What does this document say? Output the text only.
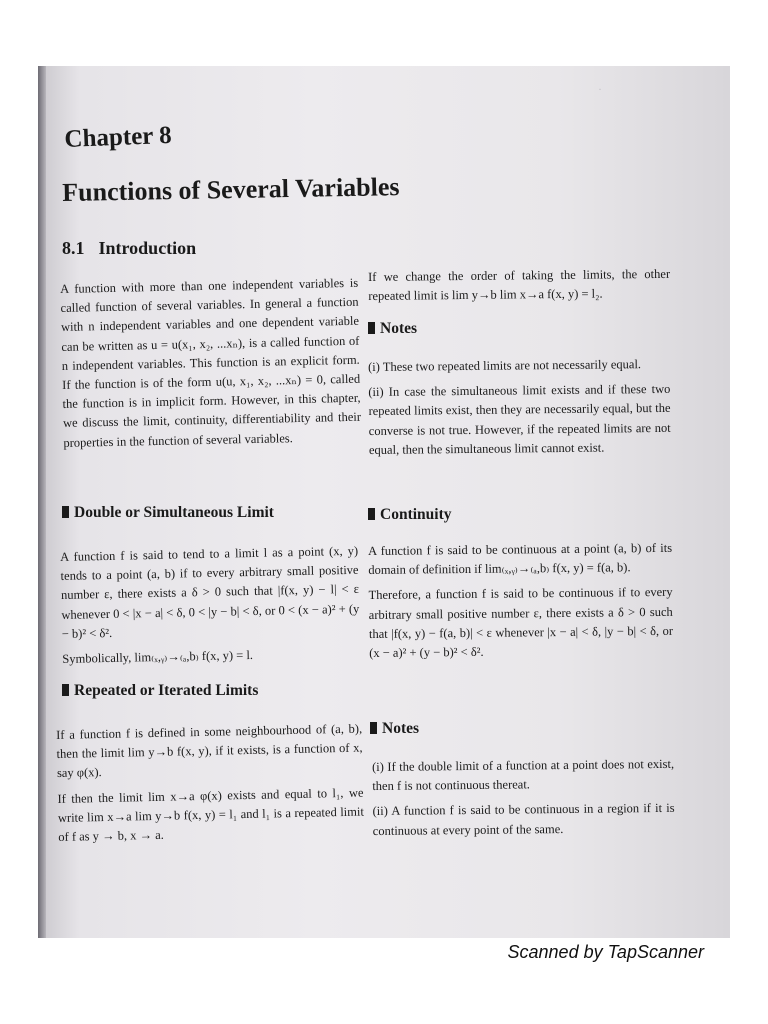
·
Chapter 8
Functions of Several Variables
8.1 Introduction

A function with more than one independent variables is called function of several variables. In general a function with n independent variables and one dependent variable can be written as u = u(x₁, x₂, ...xₙ), is a called function of n independent variables. This function is an explicit form. If the function is of the form u(u, x₁, x₂, ...xₙ) = 0, called the function is in implicit form. However, in this chapter, we discuss the limit, continuity, differentiability and their properties in the function of several variables.

Double or Simultaneous Limit

A function f is said to tend to a limit l as a point (x, y) tends to a point (a, b) if to every arbitrary small positive number ε, there exists a δ > 0 such that |f(x, y) − l| < ε whenever 0 < |x − a| < δ, 0 < |y − b| < δ, or 0 < (x − a)² + (y − b)² < δ².

Symbolically, lim₍ₓ,ᵧ₎→₍ₐ,b₎ f(x, y) = l.

Repeated or Iterated Limits

If a function f is defined in some neighbourhood of (a, b), then the limit lim y→b f(x, y), if it exists, is a function of x, say φ(x).

If then the limit lim x→a φ(x) exists and equal to l₁, we write lim x→a lim y→b f(x, y) = l₁ and l₁ is a repeated limit of f as y → b, x → a.

If we change the order of taking the limits, the other repeated limit is lim y→b lim x→a f(x, y) = l₂.

Notes

(i) These two repeated limits are not necessarily equal.

(ii) In case the simultaneous limit exists and if these two repeated limits exist, then they are necessarily equal, but the converse is not true. However, if the repeated limits are not equal, then the simultaneous limit cannot exist.

Continuity

A function f is said to be continuous at a point (a, b) of its domain of definition if lim₍ₓ,ᵧ₎→₍ₐ,b₎ f(x, y) = f(a, b).

Therefore, a function f is said to be continuous if to every arbitrary small positive number ε, there exists a δ > 0 such that |f(x, y) − f(a, b)| < ε whenever |x − a| < δ, |y − b| < δ, or (x − a)² + (y − b)² < δ².

Notes

(i) If the double limit of a function at a point does not exist, then f is not continuous thereat.

(ii) A function f is said to be continuous in a region if it is continuous at every point of the same.

Scanned by TapScanner
